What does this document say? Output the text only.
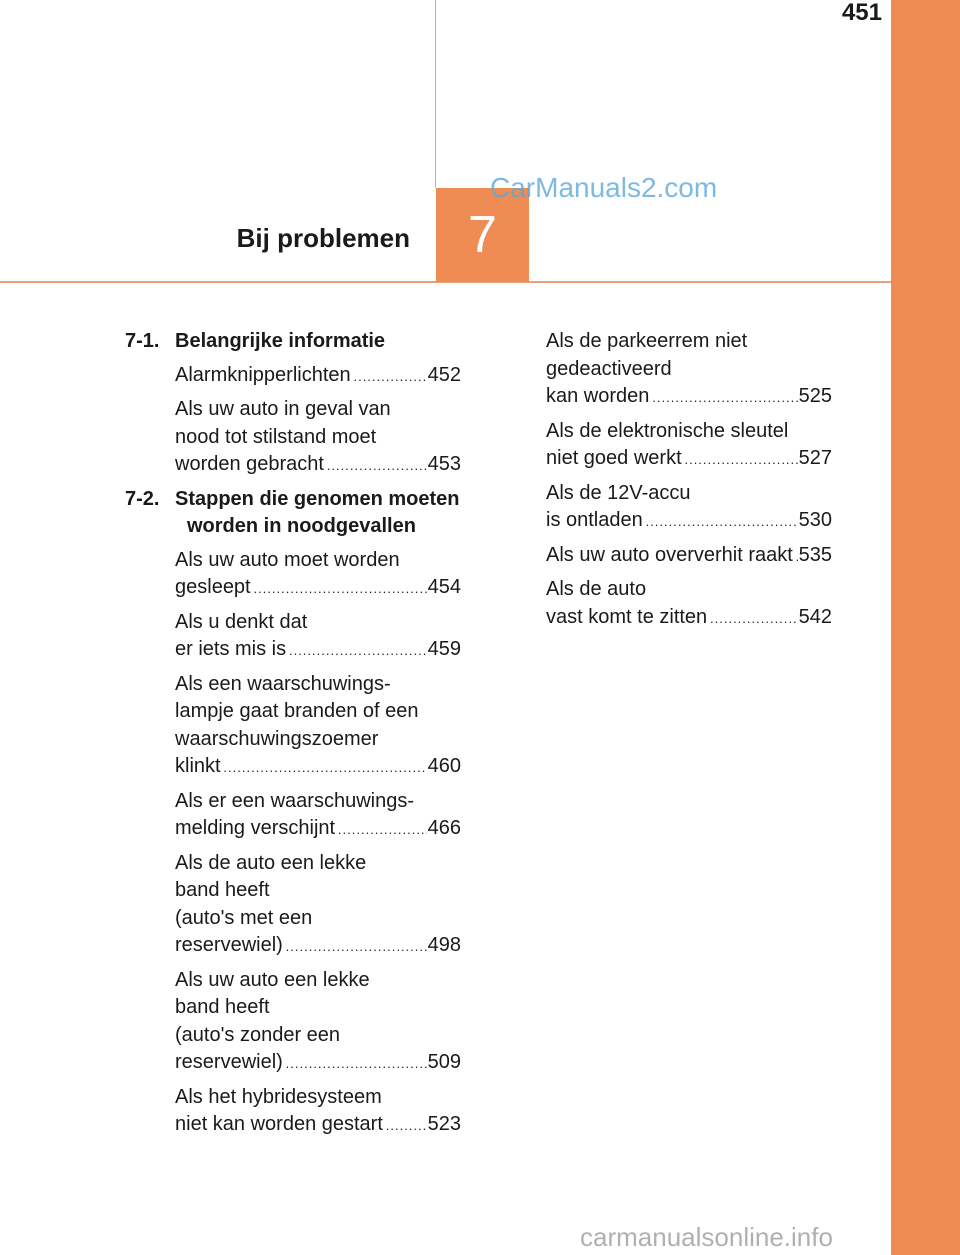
451
Bij problemen	7
CarManuals2.com
carmanualsonline.info
7-1. Belangrijke informatie
Alarmknipperlichten .....	452
Als uw auto in geval van
nood tot stilstand moet
worden gebracht .....	453
7-2. Stappen die genomen moeten worden in noodgevallen
Als uw auto moet worden
gesleept .....	454
Als u denkt dat
er iets mis is .....	459
Als een waarschuwings-
lampje gaat branden of een
waarschuwingszoemer
klinkt .....	460
Als er een waarschuwings-
melding verschijnt .....	466
Als de auto een lekke
band heeft
(auto's met een
reservewiel) .....	498
Als uw auto een lekke
band heeft
(auto's zonder een
reservewiel) .....	509
Als het hybridesysteem
niet kan worden gestart ..... 523
Als de parkeerrem niet
gedeactiveerd
kan worden .....	525
Als de elektronische sleutel
niet goed werkt .....	527
Als de 12V-accu
is ontladen .....	530
Als uw auto oververhit raakt ..... 535
Als de auto
vast komt te zitten .....	542
